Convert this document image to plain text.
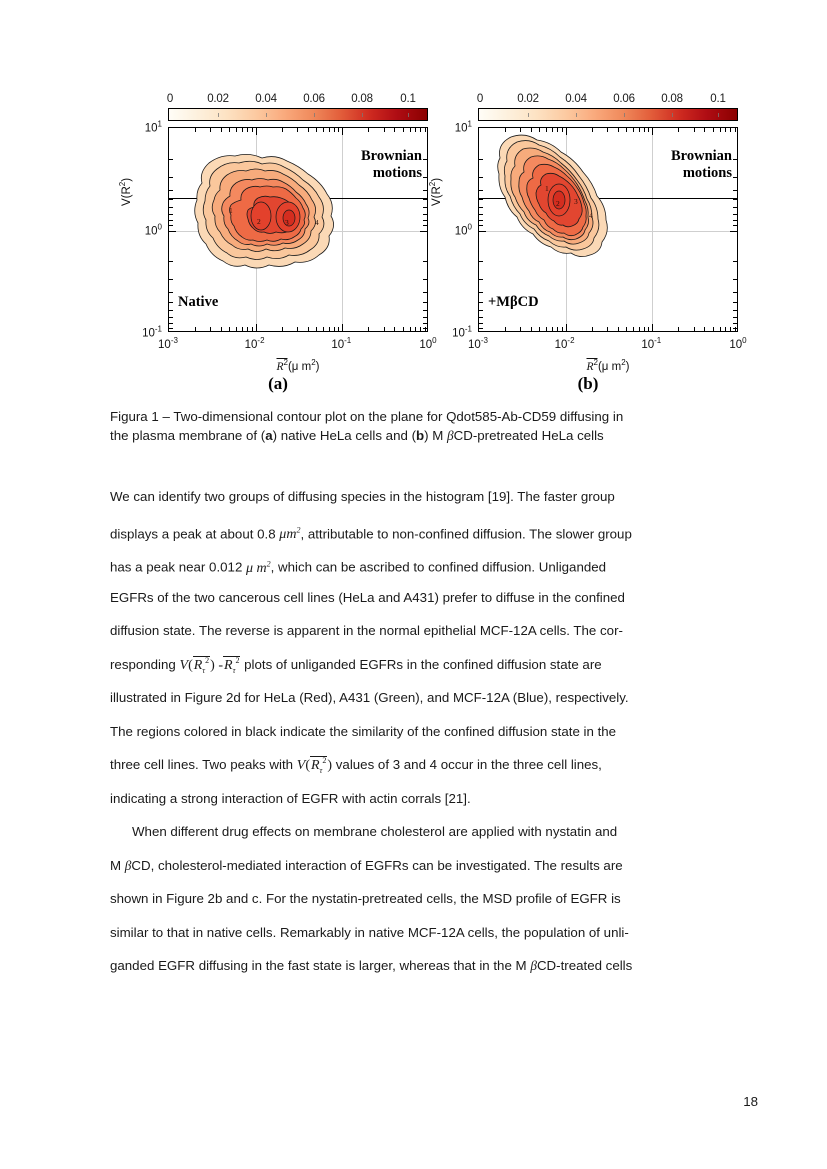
0	0.02 0.04 0.06 0.08 0.1
$10^1$
$10^0$
$10^{-1}$
$V(R^2)$
1
2	3	4
Brownian
motions
Native
$10^{-3}$	$10^{-2}$	$10^{-1}$	$10^0$
$R^2(\mu$ $m^2$)
(a)
0	0.02 0.04 0.06 0.08 0.1
$10^1$
$10^0$
$10^{-1}$
$V(R^2)$
1
2 3
4
Brownian
motions
+MβCD
$10^{-3}$	$10^{-2}$	$10^{-1}$	$10^0$
$R^2(\mu$ $m^2$)
(b)
Figura 1 – Two-dimensional contour plot on the plane for Qdot585-Ab-CD59 diffusing in
the plasma membrane of (a) native HeLa cells and (b) M βCD-pretreated HeLa cells
We can identify two groups of diffusing species in the histogram [19]. The faster group
displays a peak at about 0.8 $\mu m^2$, attributable to non-confined diffusion. The slower group
has a peak near 0.012 μ $m^2$, which can be ascribed to confined diffusion. Unliganded
EGFRs of the two cancerous cell lines (HeLa and A431) prefer to diffuse in the confined
diffusion state. The reverse is apparent in the normal epithelial MCF-12A cells. The cor-
responding $V(R_\tau^2)$ $-R_\tau^2$ plots of unliganded EGFRs in the confined diffusion state are
illustrated in Figure 2d for HeLa (Red), A431 (Green), and MCF-12A (Blue), respectively.
The regions colored in black indicate the similarity of the confined diffusion state in the
three cell lines. Two peaks with $V(R_\tau^2)$ values of 3 and 4 occur in the three cell lines,
indicating a strong interaction of EGFR with actin corrals [21].
When different drug effects on membrane cholesterol are applied with nystatin and
M βCD, cholesterol-mediated interaction of EGFRs can be investigated. The results are
shown in Figure 2b and c. For the nystatin-pretreated cells, the MSD profile of EGFR is
similar to that in native cells. Remarkably in native MCF-12A cells, the population of unli-
ganded EGFR diffusing in the fast state is larger, whereas that in the M βCD-treated cells
18
